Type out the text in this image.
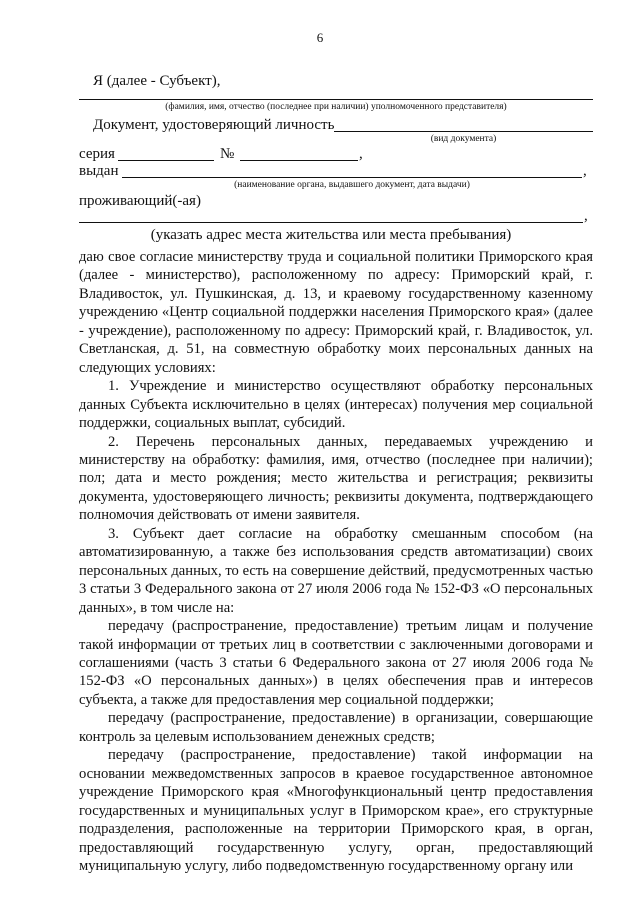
6
Я (далее - Субъект),
(фамилия, имя, отчество (последнее при наличии) уполномоченного представителя)
Документ, удостоверяющий личность
(вид документа)
серия	№	,
выдан	,
(наименование органа, выдавшего документ, дата выдачи)
проживающий(-ая)
,
(указать адрес места жительства или места пребывания)

даю свое согласие министерству труда и социальной политики Приморского края (далее - министерство), расположенному по адресу: Приморский край, г. Владивосток, ул. Пушкинская, д. 13, и краевому государственному казенному учреждению «Центр социальной поддержки населения Приморского края» (далее - учреждение), расположенному по адресу: Приморский край, г. Владивосток, ул. Светланская, д. 51, на совместную обработку моих персональных данных на следующих условиях:

1. Учреждение и министерство осуществляют обработку персональных данных Субъекта исключительно в целях (интересах) получения мер социальной поддержки, социальных выплат, субсидий.

2. Перечень персональных данных, передаваемых учреждению и министерству на обработку: фамилия, имя, отчество (последнее при наличии); пол; дата и место рождения; место жительства и регистрация; реквизиты документа, удостоверяющего личность; реквизиты документа, подтверждающего полномочия действовать от имени заявителя.

3. Субъект дает согласие на обработку смешанным способом (на автоматизированную, а также без использования средств автоматизации) своих персональных данных, то есть на совершение действий, предусмотренных частью 3 статьи 3 Федерального закона от 27 июля 2006 года № 152-ФЗ «О персональных данных», в том числе на:

передачу (распространение, предоставление) третьим лицам и получение такой информации от третьих лиц в соответствии с заключенными договорами и соглашениями (часть 3 статьи 6 Федерального закона от 27 июля 2006 года № 152-ФЗ «О персональных данных») в целях обеспечения прав и интересов субъекта, а также для предоставления мер социальной поддержки;

передачу (распространение, предоставление) в организации, совершающие контроль за целевым использованием денежных средств;

передачу (распространение, предоставление) такой информации на основании межведомственных запросов в краевое государственное автономное учреждение Приморского края «Многофункциональный центр предоставления государственных и муниципальных услуг в Приморском крае», его структурные подразделения, расположенные на территории Приморского края, в орган, предоставляющий государственную услугу, орган, предоставляющий муниципальную услугу, либо подведомственную государственному органу или
